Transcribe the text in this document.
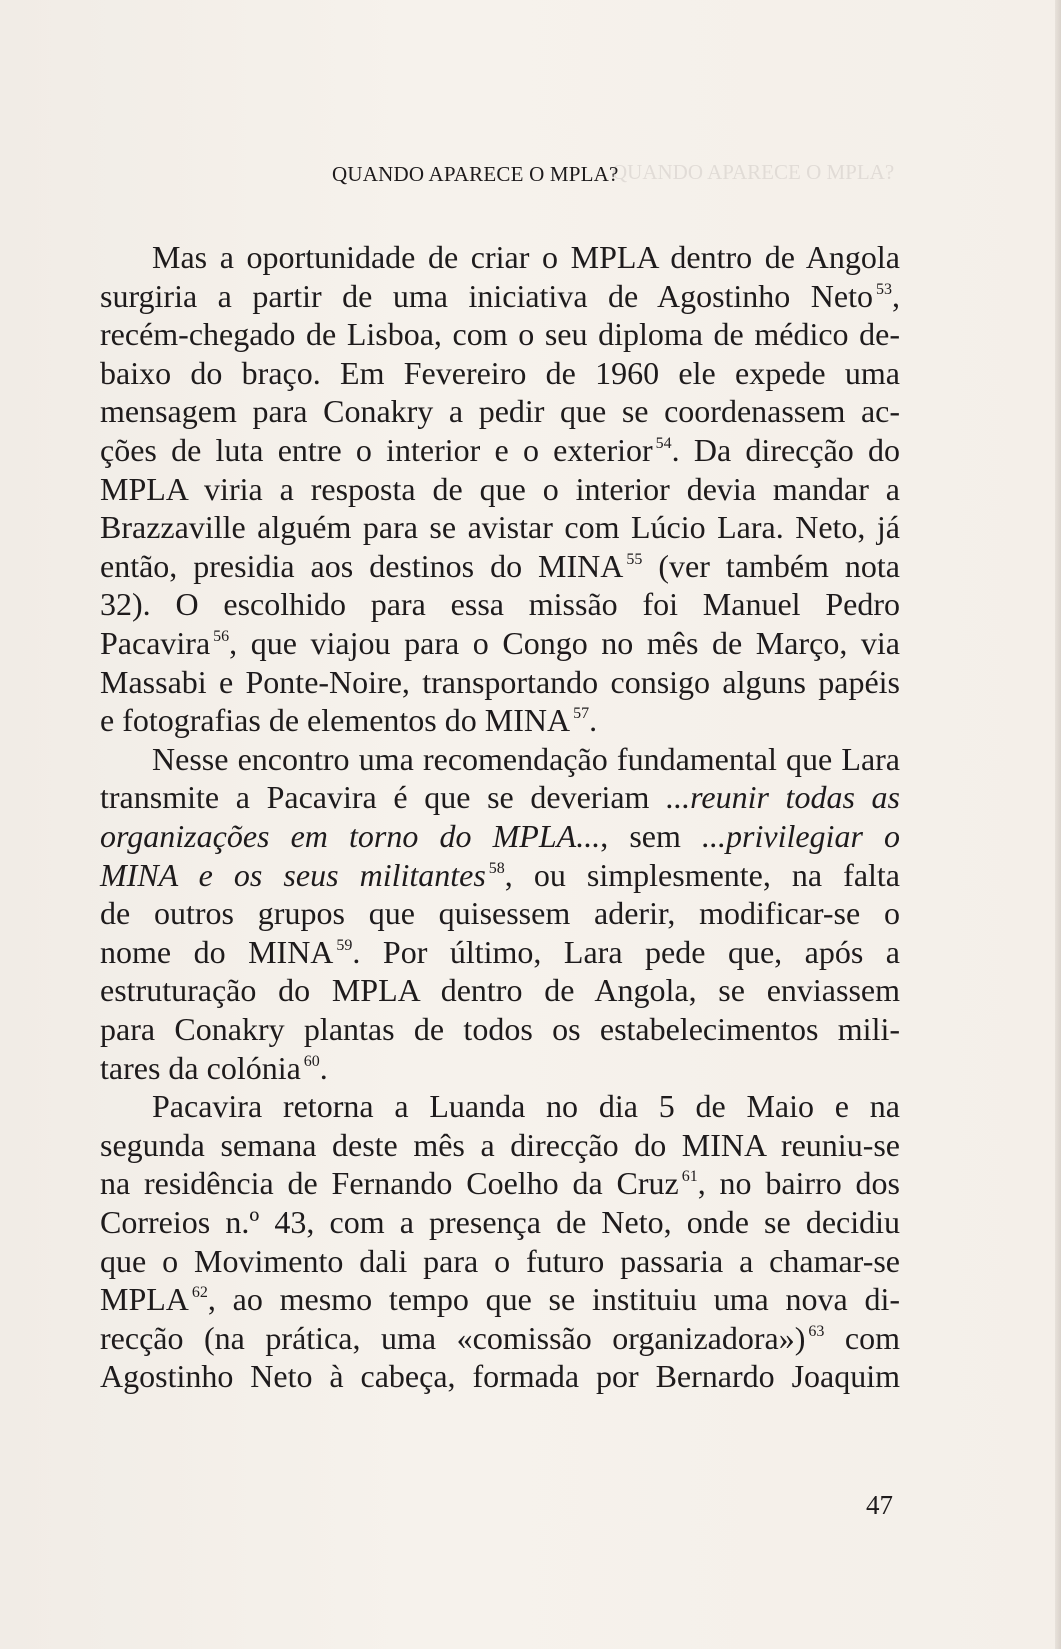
QUANDO APARECE O MPLA?
QUANDO APARECE O MPLA?
Mas a oportunidade de criar o MPLA dentro de Angola
surgiria a partir de uma iniciativa de Agostinho Neto $^{53}$,
recém-chegado de Lisboa, com o seu diploma de médico de-
baixo do braço. Em Fevereiro de 1960 ele expede uma
mensagem para Conakry a pedir que se coordenassem ac-
ções de luta entre o interior e o exterior $^{54}$. Da direcção do
MPLA viria a resposta de que o interior devia mandar a
Brazzaville alguém para se avistar com Lúcio Lara. Neto, já
então, presidia aos destinos do MINA $^{55}$ (ver também nota
32). O escolhido para essa missão foi Manuel Pedro
Pacavira $^{56}$, que viajou para o Congo no mês de Março, via
Massabi e Ponte-Noire, transportando consigo alguns papéis
e fotografias de elementos do MINA $^{57}$.
Nesse encontro uma recomendação fundamental que Lara
transmite a Pacavira é que se deveriam ...reunir todas as
organizações em torno do MPLA..., sem ...privilegiar o
MINA e os seus militantes $^{58}$, ou simplesmente, na falta
de outros grupos que quisessem aderir, modificar-se o
nome do MINA $^{59}$. Por último, Lara pede que, após a
estruturação do MPLA dentro de Angola, se enviassem
para Conakry plantas de todos os estabelecimentos mili-
tares da colónia $^{60}$.
Pacavira retorna a Luanda no dia 5 de Maio e na
segunda semana deste mês a direcção do MINA reuniu-se
na residência de Fernando Coelho da Cruz $^{61}$, no bairro dos
Correios n.º 43, com a presença de Neto, onde se decidiu
que o Movimento dali para o futuro passaria a chamar-se
MPLA $^{62}$, ao mesmo tempo que se instituiu uma nova di-
recção (na prática, uma «comissão organizadora») $^{63}$ com
Agostinho Neto à cabeça, formada por Bernardo Joaquim
47
